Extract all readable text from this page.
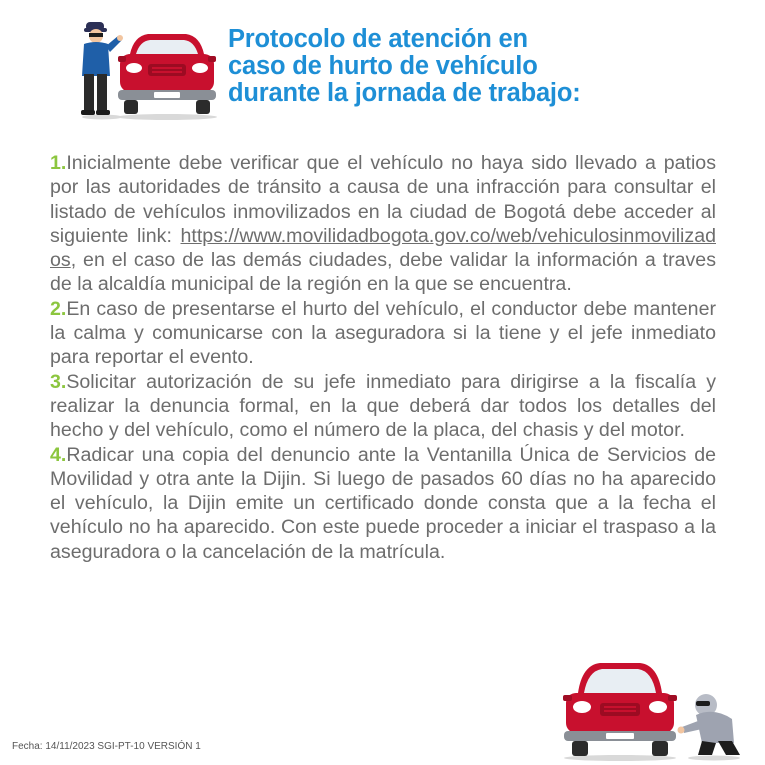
Protocolo de atención en
caso de hurto de vehículo
durante la jornada de trabajo:

1.Inicialmente debe verificar que el vehículo no haya sido llevado a patios por las autoridades de tránsito a causa de una infracción para consultar el listado de vehículos inmovilizados en la ciudad de Bogotá debe acceder al siguiente link: https://www.movilidadbogota.gov.co/web/vehiculosinmovilizados, en el caso de las demás ciudades, debe validar la información a traves de la alcaldía municipal de la región en la que se encuentra.

2.En caso de presentarse el hurto del vehículo, el conductor debe mantener la calma y comunicarse con la aseguradora si la tiene y el jefe inmediato para reportar el evento.

3.Solicitar autorización de su jefe inmediato para dirigirse a la fiscalía y realizar la denuncia formal, en la que deberá dar todos los detalles del hecho y del vehículo, como el número de la placa, del chasis y del motor.

4.Radicar una copia del denuncio ante la Ventanilla Única de Servicios de Movilidad y otra ante la Dijin. Si luego de pasados 60 días no ha aparecido el vehículo, la Dijin emite un certificado donde consta que a la fecha el vehículo no ha aparecido. Con este puede proceder a iniciar el traspaso a la aseguradora o la cancelación de la matrícula.

Fecha: 14/11/2023 SGI-PT-10 VERSIÓN 1
